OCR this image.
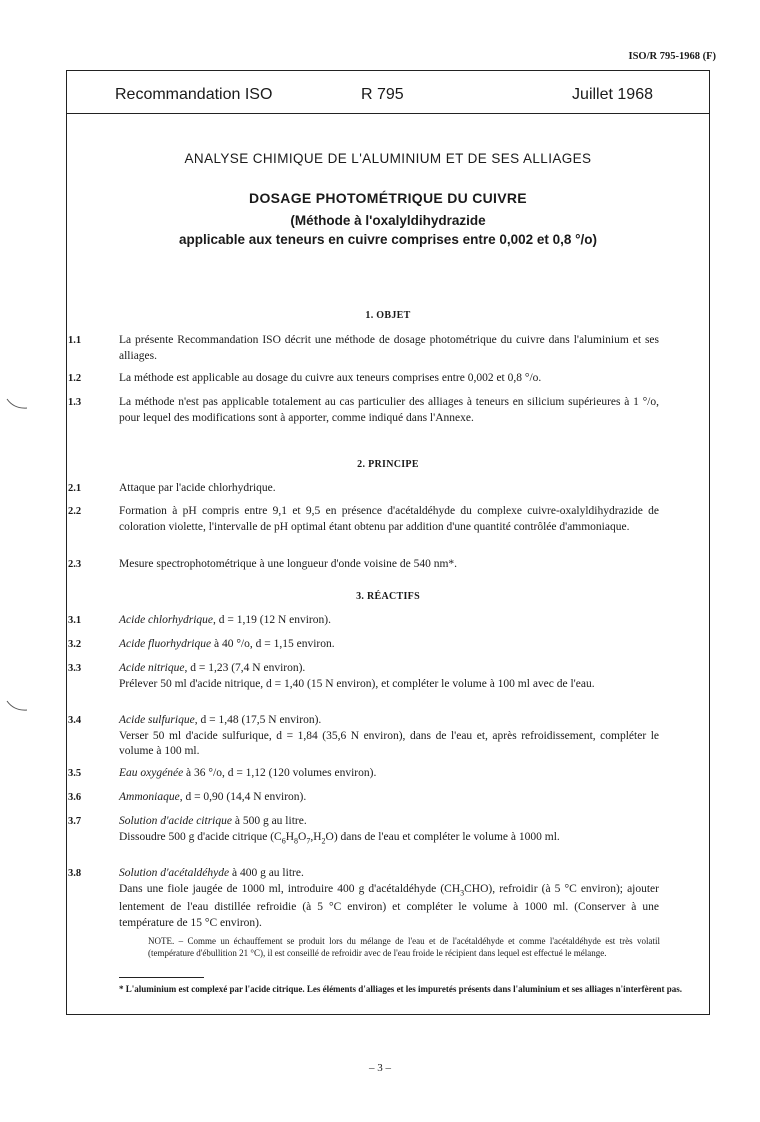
ISO/R 795-1968 (F)
Recommandation ISO	R 795	Juillet 1968
ANALYSE CHIMIQUE DE L'ALUMINIUM ET DE SES ALLIAGES
DOSAGE PHOTOMÉTRIQUE DU CUIVRE
(Méthode à l'oxalyldihydrazide
applicable aux teneurs en cuivre comprises entre 0,002 et 0,8 °/o)
1. OBJET
1.1	La présente Recommandation ISO décrit une méthode de dosage photométrique du cuivre dans l'aluminium et ses alliages.

1.2	La méthode est applicable au dosage du cuivre aux teneurs comprises entre 0,002 et 0,8 °/o.

1.3	La méthode n'est pas applicable totalement au cas particulier des alliages à teneurs en silicium supérieures à 1 °/o, pour lequel des modifications sont à apporter, comme indiqué dans l'Annexe.

2. PRINCIPE
2.1	Attaque par l'acide chlorhydrique.

2.2	Formation à pH compris entre 9,1 et 9,5 en présence d'acétaldéhyde du complexe cuivre-oxalyldihydrazide de coloration violette, l'intervalle de pH optimal étant obtenu par addition d'une quantité contrôlée d'ammoniaque.

2.3	Mesure spectrophotométrique à une longueur d'onde voisine de 540 nm*.

3. RÉACTIFS
3.1	Acide chlorhydrique, d = 1,19 (12 N environ).

3.2	Acide fluorhydrique à 40 °/o, d = 1,15 environ.

3.3	Acide nitrique, d = 1,23 (7,4 N environ).

Prélever 50 ml d'acide nitrique, d = 1,40 (15 N environ), et compléter le volume à 100 ml avec de l'eau.

3.4	Acide sulfurique, d = 1,48 (17,5 N environ).

Verser 50 ml d'acide sulfurique, d = 1,84 (35,6 N environ), dans de l'eau et, après refroidissement, compléter le volume à 100 ml.

3.5	Eau oxygénée à 36 °/o, d = 1,12 (120 volumes environ).

3.6	Ammoniaque, d = 0,90 (14,4 N environ).

3.7	Solution d'acide citrique à 500 g au litre.

Dissoudre 500 g d'acide citrique $(C_6H_8O_7,H_2O)$ dans de l'eau et compléter le volume à 1000 ml.

3.8	Solution d'acétaldéhyde à 400 g au litre.

Dans une fiole jaugée de 1000 ml, introduire 400 g d'acétaldéhyde $(CH_3CHO)$, refroidir (à 5 °C environ); ajouter lentement de l'eau distillée refroidie (à 5 °C environ) et compléter le volume à 1000 ml. (Conserver à une température de 15 °C environ).

NOTE. – Comme un échauffement se produit lors du mélange de l'eau et de l'acétaldéhyde et comme l'acétaldéhyde est très volatil (température d'ébullition 21 °C), il est conseillé de refroidir avec de l'eau froide le récipient dans lequel est effectué le mélange.
* L'aluminium est complexé par l'acide citrique. Les éléments d'alliages et les impuretés présents dans l'aluminium et ses alliages n'interfèrent pas.
– 3 –
